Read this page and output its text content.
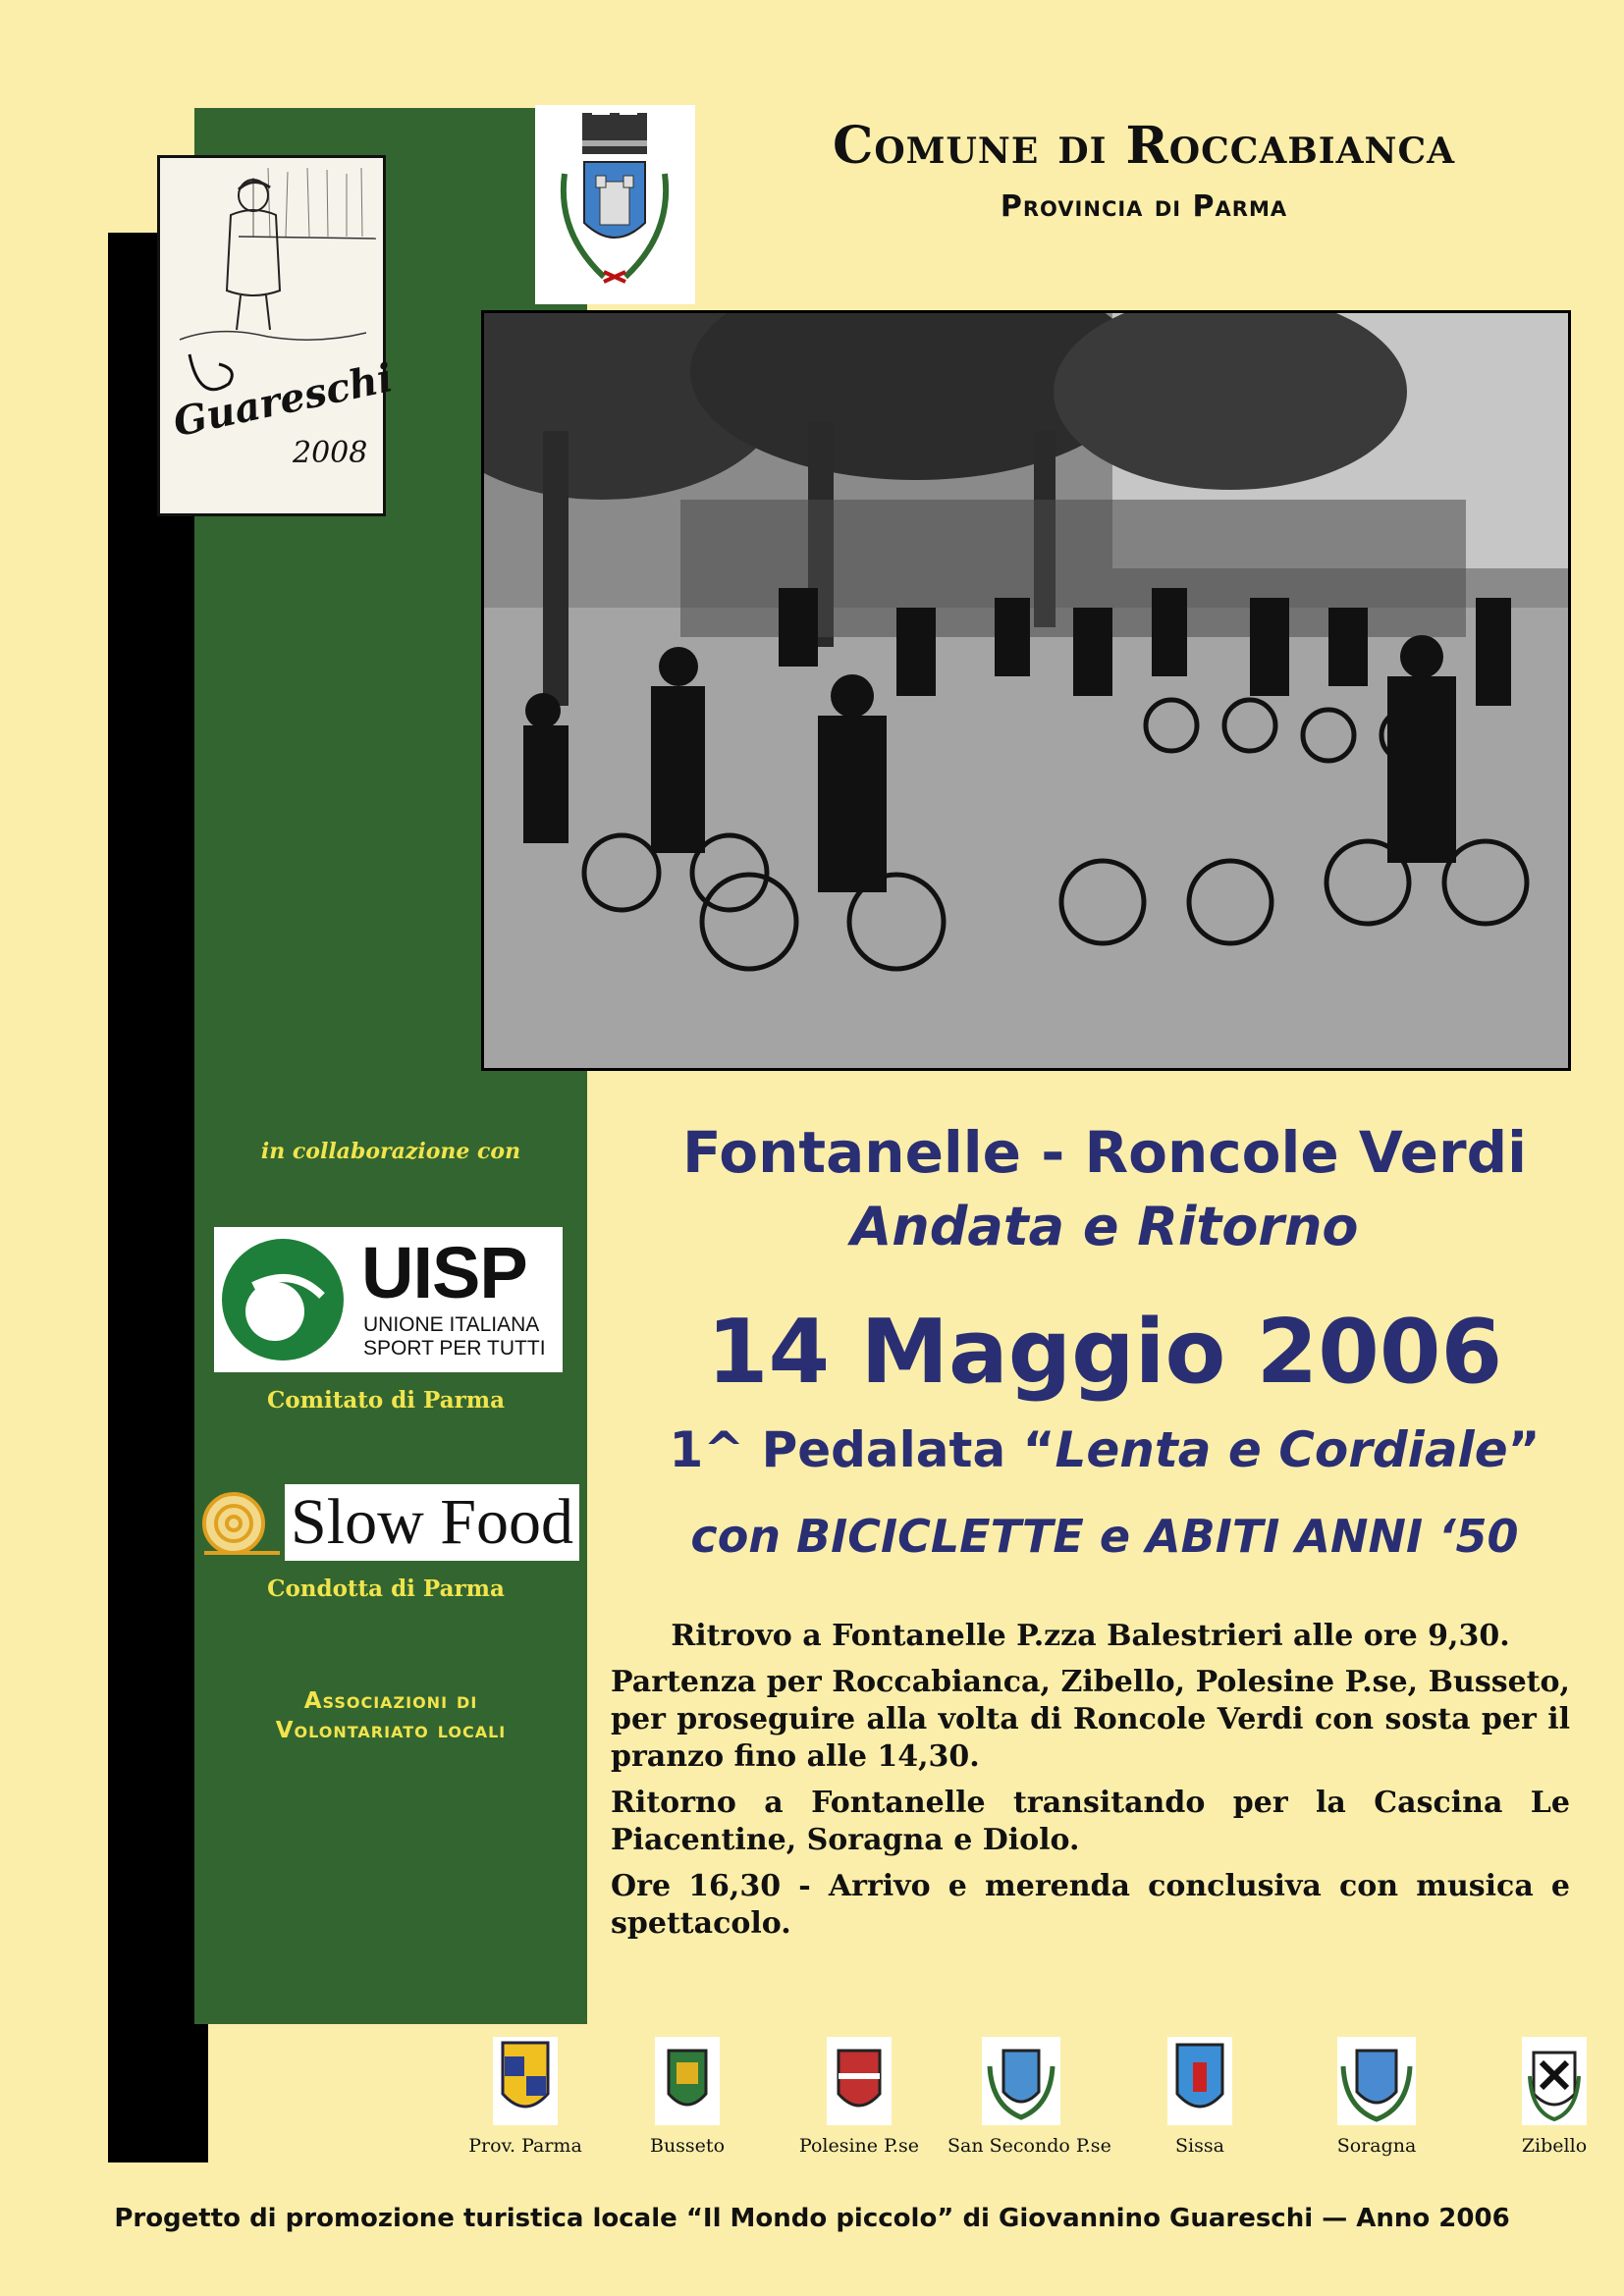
Guareschi
2008
Comune di Roccabianca
Provincia di Parma
in collaborazione con
UISP
UNIONE ITALIANA
SPORT PER TUTTI
Comitato di Parma
Slow Food
Condotta di Parma
Associazioni di
Volontariato locali
Fontanelle - Roncole Verdi
Andata e Ritorno
14 Maggio 2006
1^ Pedalata “Lenta e Cordiale”
con BICICLETTE e ABITI ANNI ‘50

Ritrovo a Fontanelle P.zza Balestrieri alle ore 9,30.

Partenza per Roccabianca, Zibello, Polesine P.se, Busseto, per proseguire alla volta di Roncole Verdi con sosta per il pranzo fino alle 14,30.

Ritorno a Fontanelle transitando per la Cascina Le Piacentine, Soragna e Diolo.

Ore 16,30 - Arrivo e merenda conclusiva con musica e spettacolo.

Prov. Parma	Busseto	Polesine P.se	San Secondo P.se	Sissa	Soragna	Zibello
Progetto di promozione turistica locale “Il Mondo piccolo” di Giovannino Guareschi — Anno 2006
